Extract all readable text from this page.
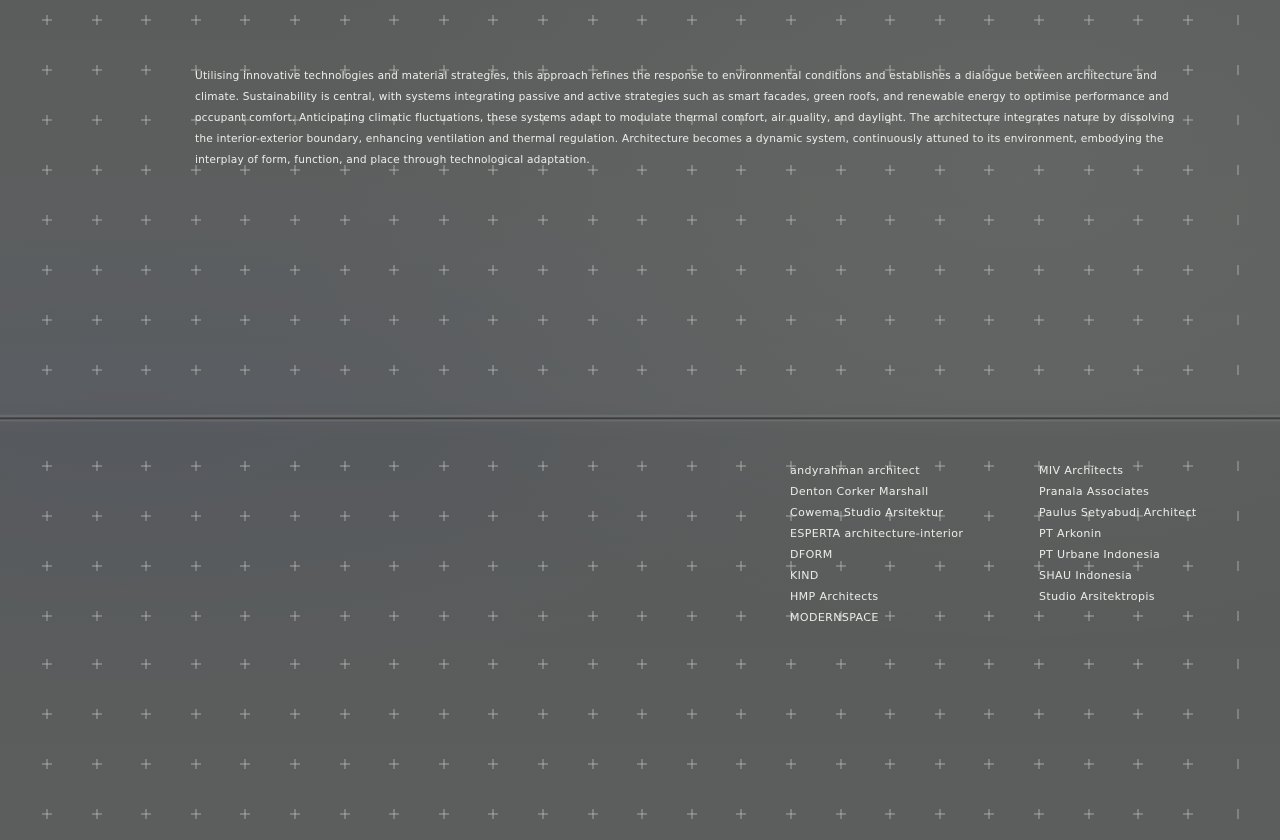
Utilising innovative technologies and material strategies, this approach refines the response to environmental conditions and establishes a dialogue between architecture and climate. Sustainability is central, with systems integrating passive and active strategies such as smart facades, green roofs, and renewable energy to optimise performance and occupant comfort. Anticipating climatic fluctuations, these systems adapt to modulate thermal comfort, air quality, and daylight. The architecture integrates nature by dissolving the interior-exterior boundary, enhancing ventilation and thermal regulation. Architecture becomes a dynamic system, continuously attuned to its environment, embodying the interplay of form, function, and place through technological adaptation.

andyrahman architect
Denton Corker Marshall
Cowema Studio Arsitektur
ESPERTA architecture-interior
DFORM
KIND
HMP Architects
MODERNSPACE
MIV Architects
Pranala Associates
Paulus Setyabudi Architect
PT Arkonin
PT Urbane Indonesia
SHAU Indonesia
Studio Arsitektropis
